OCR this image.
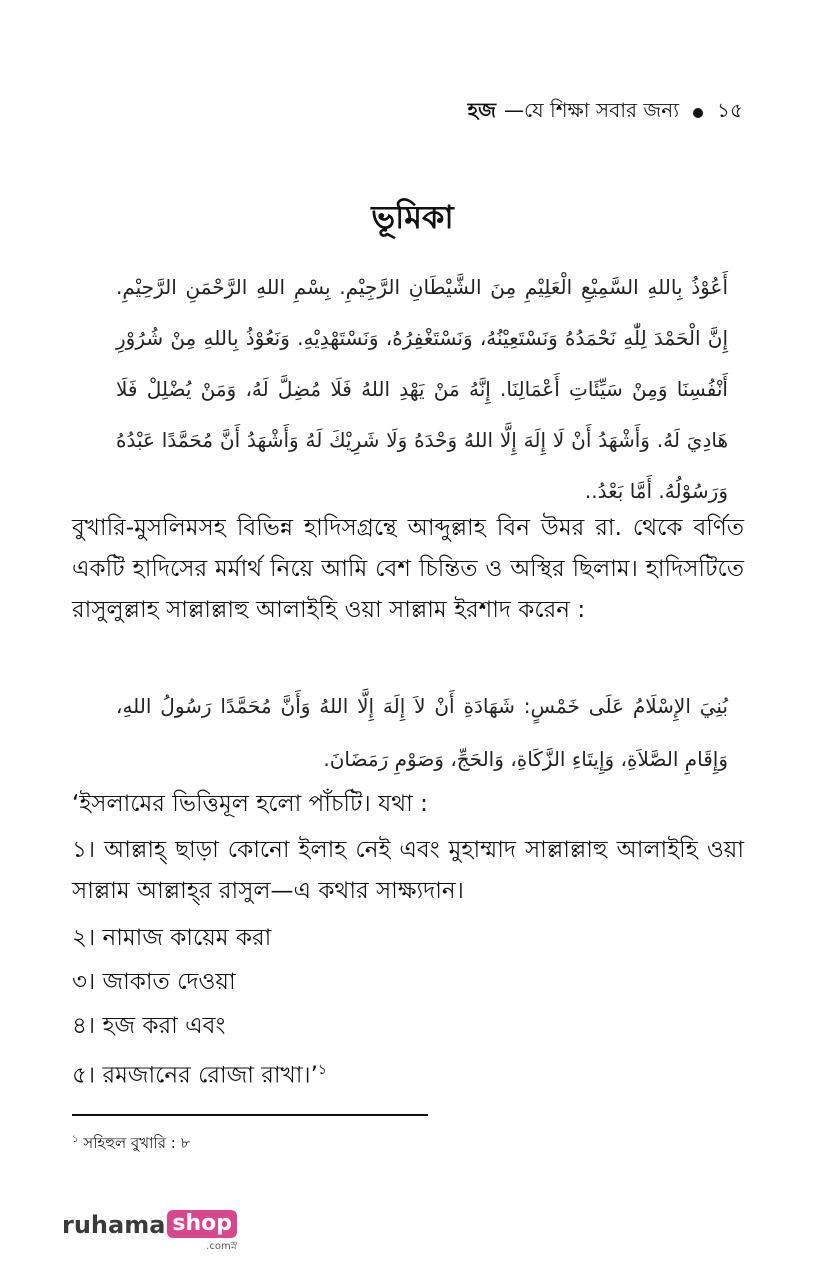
হজ —যে শিক্ষা সবার জন্য ১৫
ভূমিকা
أَعُوْذُ بِاللهِ السَّمِيْعِ الْعَلِيْمِ مِنَ الشَّيْطَانِ الرَّجِيْمِ. بِسْمِ اللهِ الرَّحْمَنِ الرَّحِيْمِ. إِنَّ الْحَمْدَ لِلّٰهِ نَحْمَدُهُ وَنَسْتَعِيْنُهُ، وَنَسْتَغْفِرُهُ، وَنَسْتَهْدِيْهِ. وَنَعُوْذُ بِاللهِ مِنْ شُرُوْرِ أَنْفُسِنَا وَمِنْ سَيِّئَاتِ أَعْمَالِنَا. إِنَّهُ مَنْ يَهْدِ اللهُ فَلَا مُضِلَّ لَهُ، وَمَنْ يُضْلِلْ فَلَا هَادِيَ لَهُ. وَأَشْهَدُ أَنْ لَا إِلَهَ إِلَّا اللهُ وَحْدَهُ وَلَا شَرِيْكَ لَهُ وَأَشْهَدُ أَنَّ مُحَمَّدًا عَبْدُهُ وَرَسُوْلُهُ. أَمَّا بَعْدُ..
বুখারি-মুসলিমসহ বিভিন্ন হাদিসগ্রন্থে আব্দুল্লাহ বিন উমর রা. থেকে বর্ণিত একটি হাদিসের মর্মার্থ নিয়ে আমি বেশ চিন্তিত ও অস্থির ছিলাম। হাদিসটিতে রাসুলুল্লাহ সাল্লাল্লাহু আলাইহি ওয়া সাল্লাম ইরশাদ করেন :
بُنِيَ الإِسْلَامُ عَلَى خَمْسٍ: شَهَادَةِ أَنْ لاَ إِلَهَ إِلَّا اللهُ وَأَنَّ مُحَمَّدًا رَسُولُ اللهِ، وَإِقَامِ الصَّلاَةِ، وَإِيتَاءِ الزَّكَاةِ، وَالحَجِّ، وَصَوْمِ رَمَضَانَ.
‘ইসলামের ভিত্তিমূল হলো পাঁচটি। যথা :
১। আল্লাহ্ ছাড়া কোনো ইলাহ নেই এবং মুহাম্মাদ সাল্লাল্লাহু আলাইহি ওয়া সাল্লাম আল্লাহ্‌র রাসুল—এ কথার সাক্ষ্যদান।
২। নামাজ কায়েম করা
৩। জাকাত দেওয়া
৪। হজ করা এবং
৫। রমজানের রোজা রাখা।’$^১$
$^১$ সহিহুল বুখারি : ৮
ruhama shop
.comস্ন
